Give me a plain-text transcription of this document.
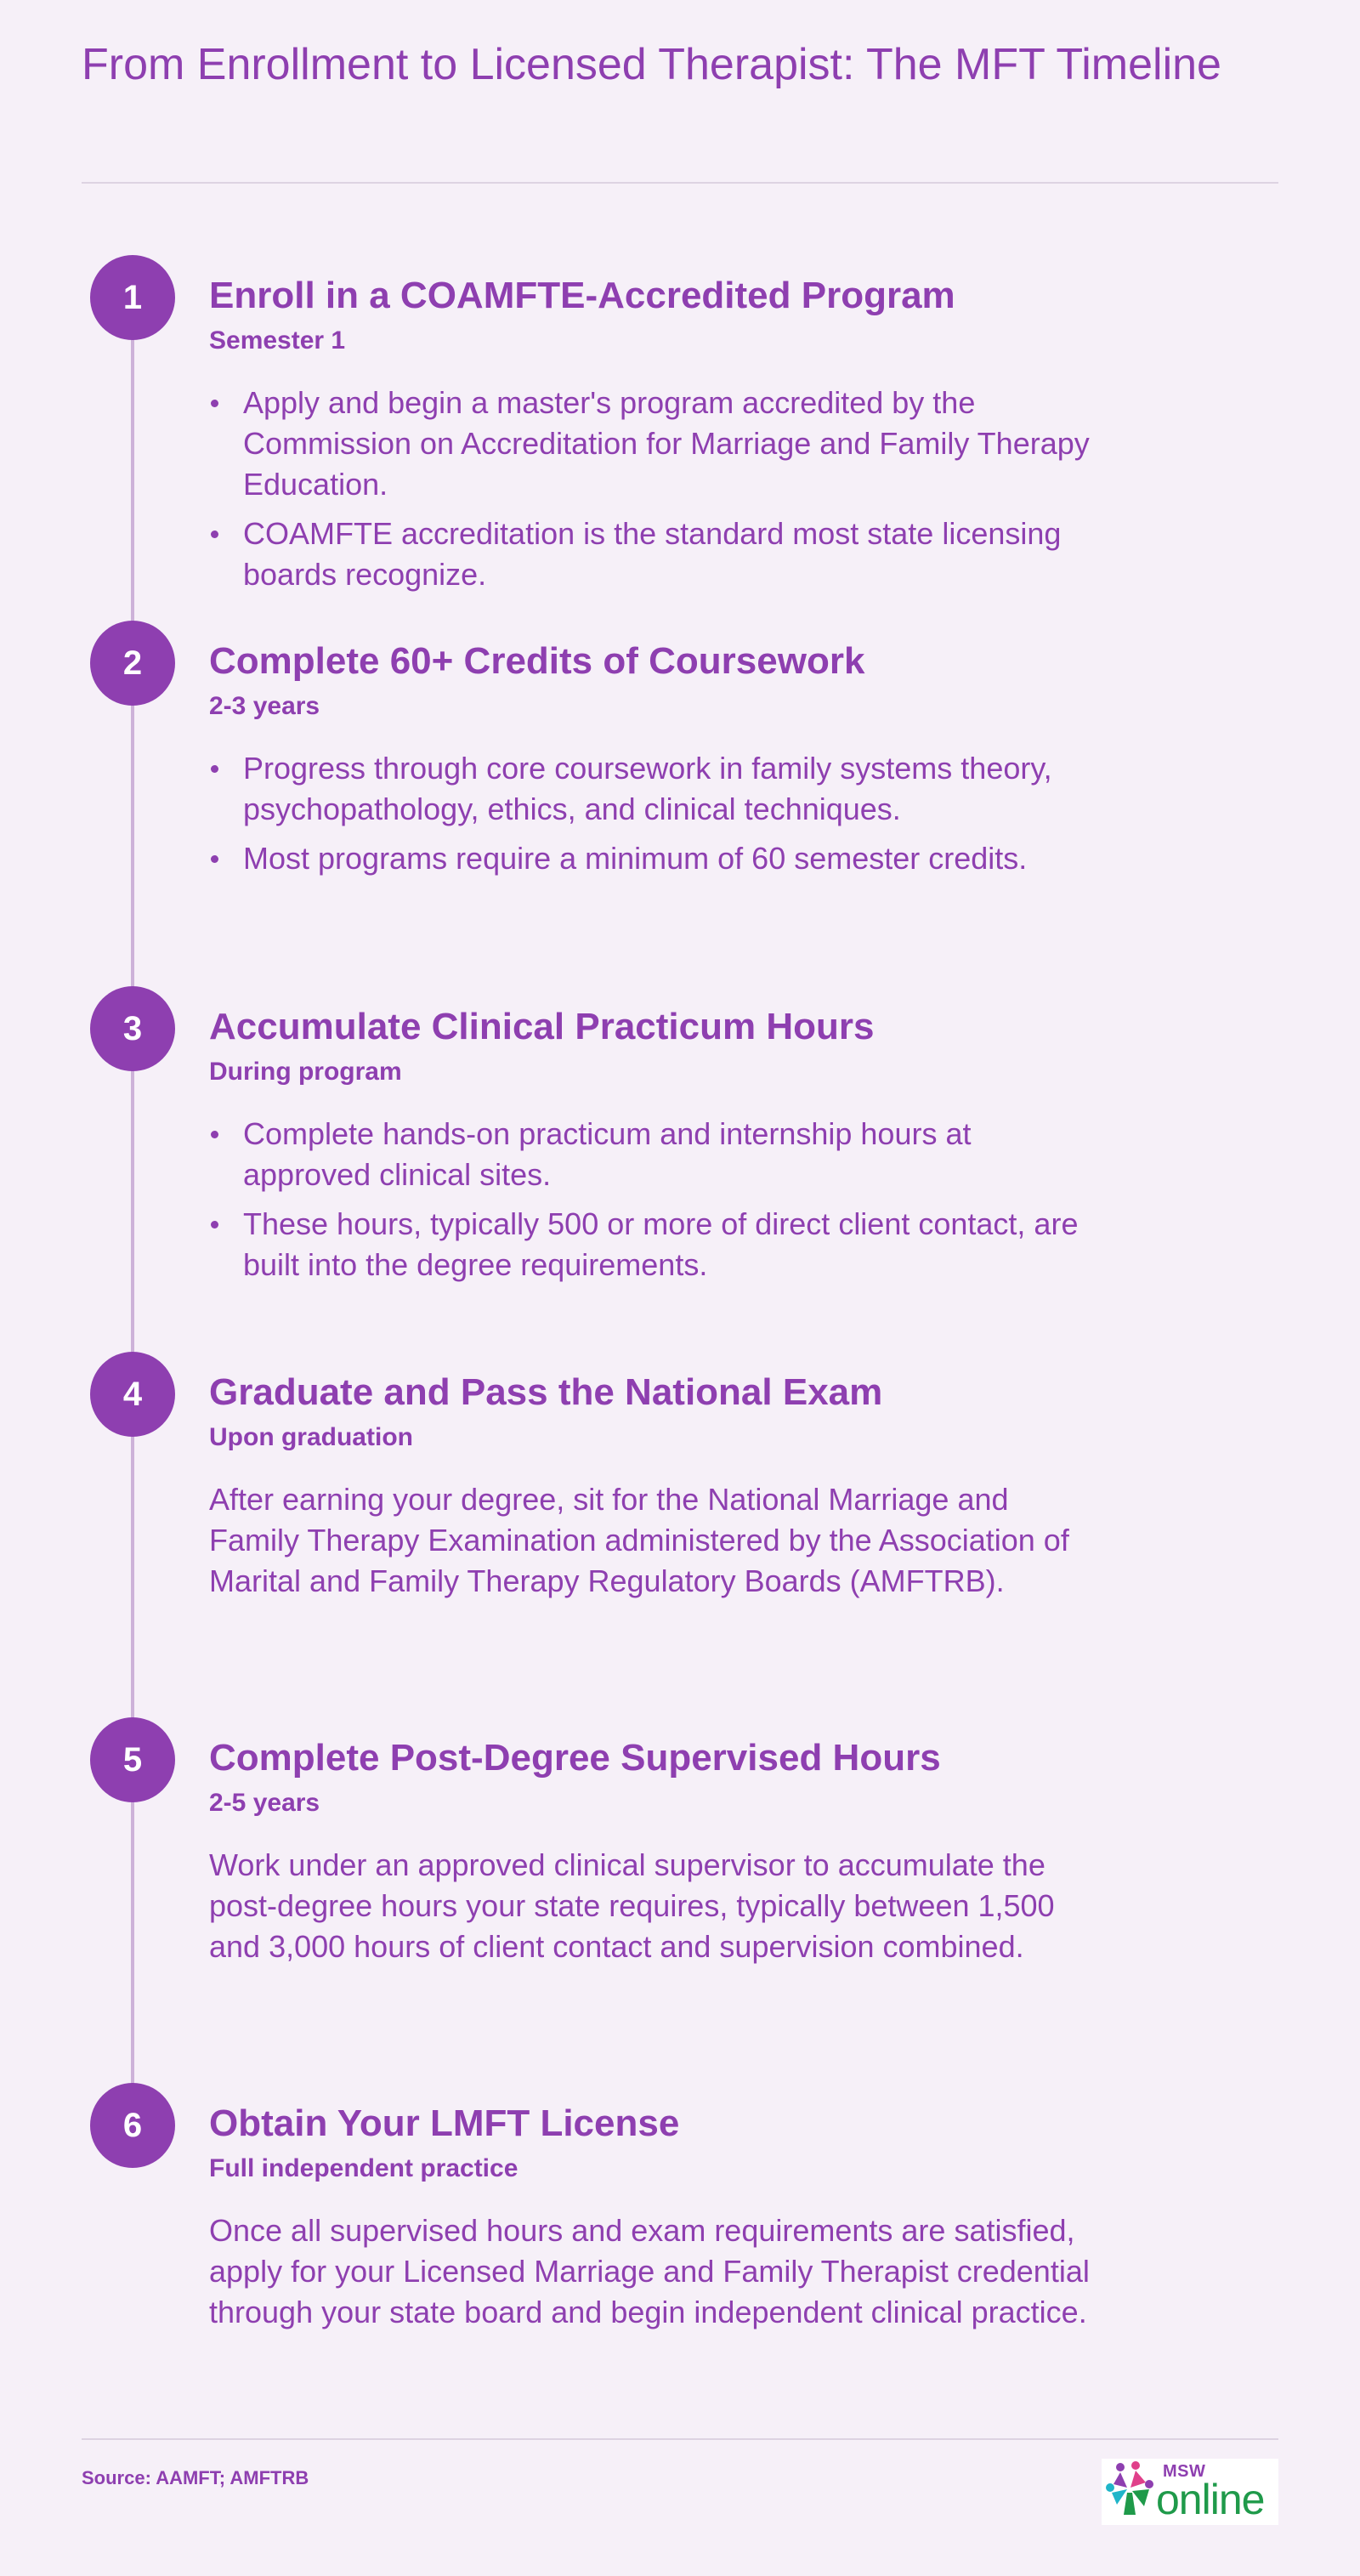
From Enrollment to Licensed Therapist: The MFT Timeline
1	Enroll in a COAMFTE-Accredited Program
Semester 1
Apply and begin a master's program accredited by the Commission on Accreditation for Marriage and Family Therapy Education.
COAMFTE accreditation is the standard most state licensing boards recognize.
2	Complete 60+ Credits of Coursework
2-3 years
Progress through core coursework in family systems theory, psychopathology, ethics, and clinical techniques.
Most programs require a minimum of 60 semester credits.
3	Accumulate Clinical Practicum Hours
During program
Complete hands-on practicum and internship hours at approved clinical sites.
These hours, typically 500 or more of direct client contact, are built into the degree requirements.
4	Graduate and Pass the National Exam
Upon graduation
After earning your degree, sit for the National Marriage and Family Therapy Examination administered by the Association of Marital and Family Therapy Regulatory Boards (AMFTRB).
5	Complete Post-Degree Supervised Hours
2-5 years
Work under an approved clinical supervisor to accumulate the post-degree hours your state requires, typically between 1,500 and 3,000 hours of client contact and supervision combined.
6	Obtain Your LMFT License
Full independent practice
Once all supervised hours and exam requirements are satisfied, apply for your Licensed Marriage and Family Therapist credential through your state board and begin independent clinical practice.
Source: AAMFT; AMFTRB	MSW
online
